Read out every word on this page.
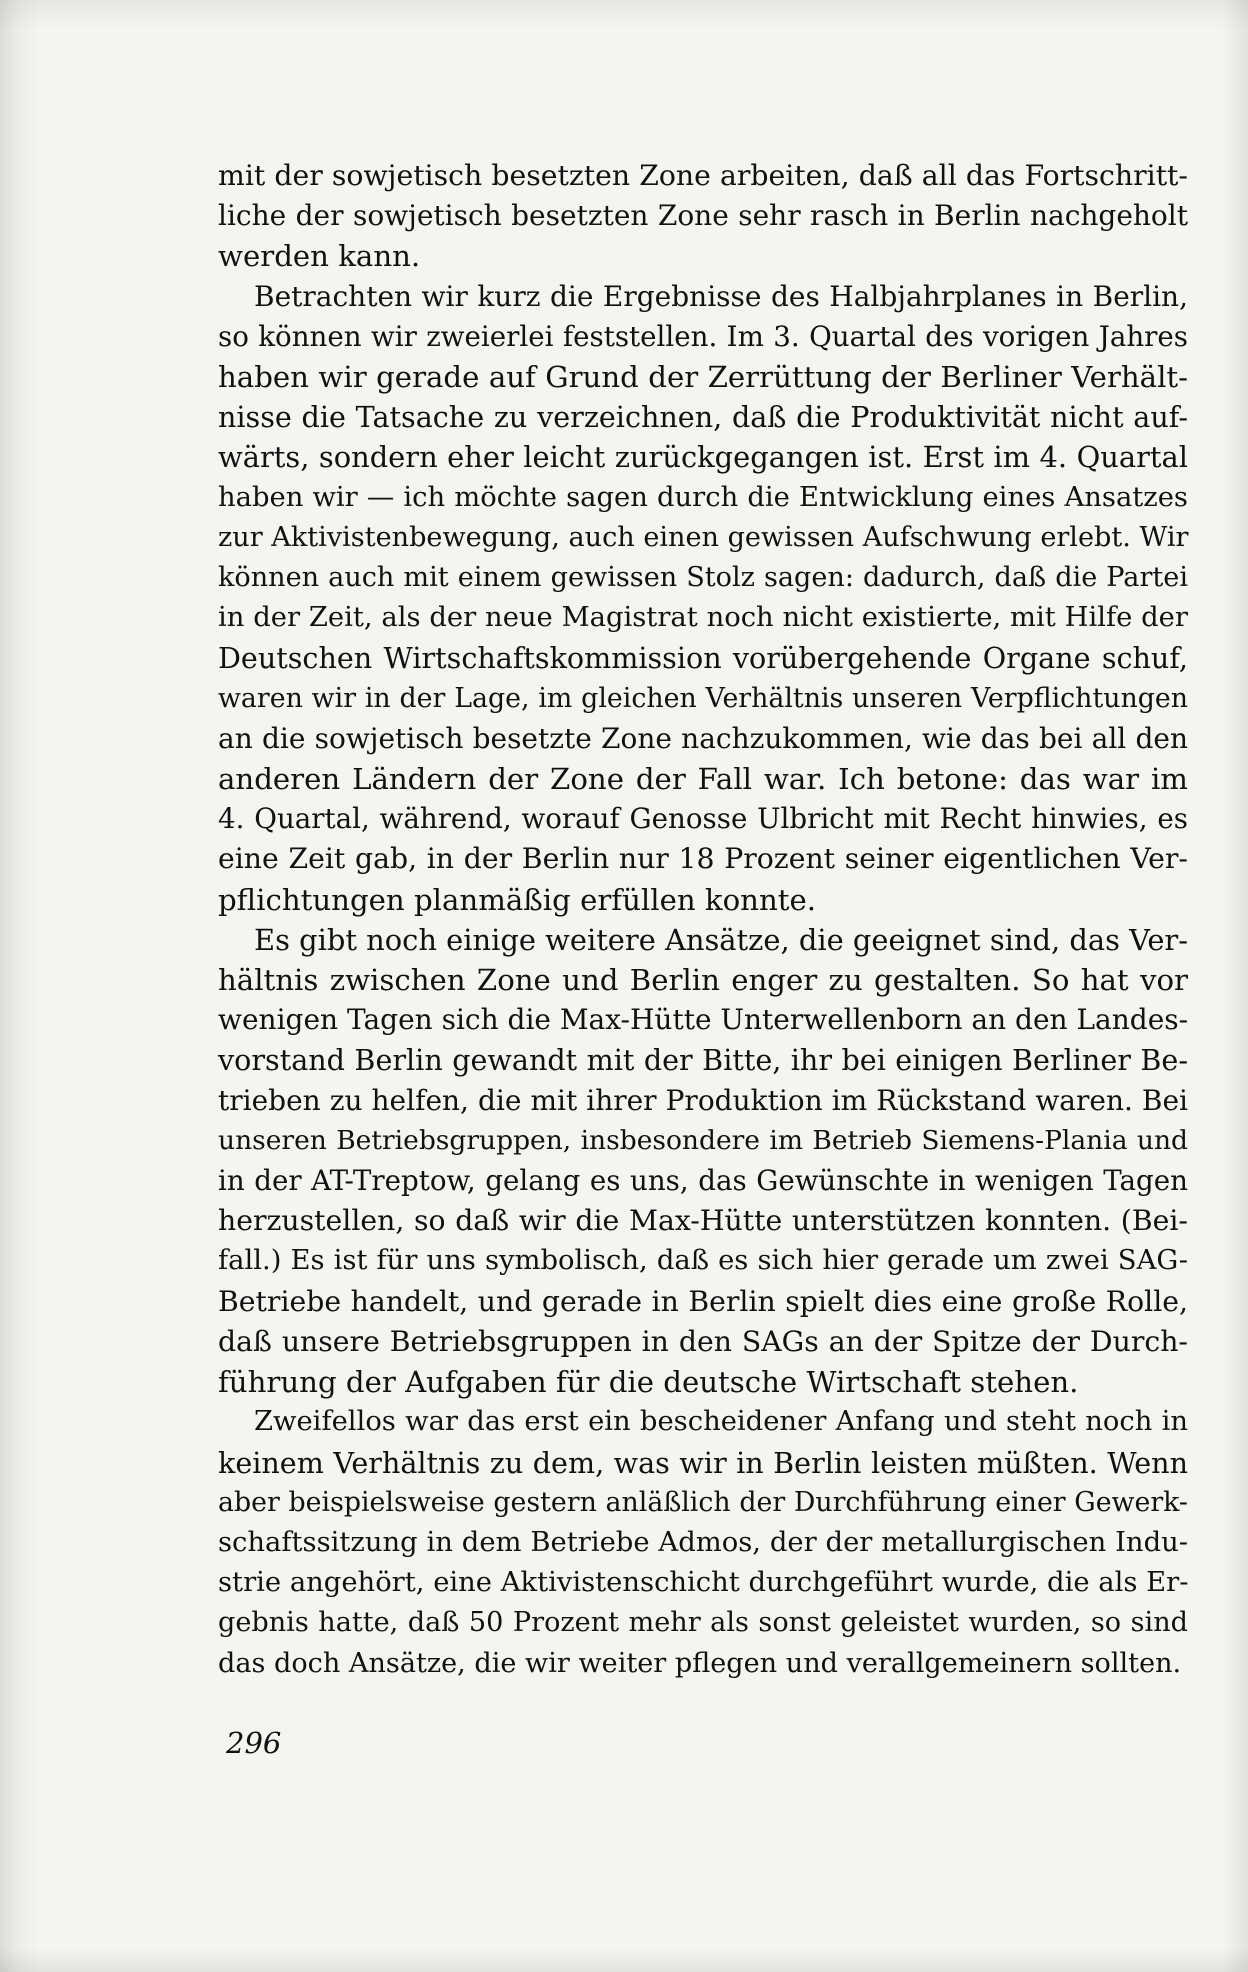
mit der sowjetisch besetzten Zone arbeiten, daß all das Fortschritt-
liche der sowjetisch besetzten Zone sehr rasch in Berlin nachgeholt
werden kann.
Betrachten wir kurz die Ergebnisse des Halbjahrplanes in Berlin,
so können wir zweierlei feststellen. Im 3. Quartal des vorigen Jahres
haben wir gerade auf Grund der Zerrüttung der Berliner Verhält-
nisse die Tatsache zu verzeichnen, daß die Produktivität nicht auf-
wärts, sondern eher leicht zurückgegangen ist. Erst im 4. Quartal
haben wir — ich möchte sagen durch die Entwicklung eines Ansatzes
zur Aktivistenbewegung, auch einen gewissen Aufschwung erlebt. Wir
können auch mit einem gewissen Stolz sagen: dadurch, daß die Partei
in der Zeit, als der neue Magistrat noch nicht existierte, mit Hilfe der
Deutschen Wirtschaftskommission vorübergehende Organe schuf,
waren wir in der Lage, im gleichen Verhältnis unseren Verpflichtungen
an die sowjetisch besetzte Zone nachzukommen, wie das bei all den
anderen Ländern der Zone der Fall war. Ich betone: das war im
4. Quartal, während, worauf Genosse Ulbricht mit Recht hinwies, es
eine Zeit gab, in der Berlin nur 18 Prozent seiner eigentlichen Ver-
pflichtungen planmäßig erfüllen konnte.
Es gibt noch einige weitere Ansätze, die geeignet sind, das Ver-
hältnis zwischen Zone und Berlin enger zu gestalten. So hat vor
wenigen Tagen sich die Max-Hütte Unterwellenborn an den Landes-
vorstand Berlin gewandt mit der Bitte, ihr bei einigen Berliner Be-
trieben zu helfen, die mit ihrer Produktion im Rückstand waren. Bei
unseren Betriebsgruppen, insbesondere im Betrieb Siemens-Plania und
in der AT-Treptow, gelang es uns, das Gewünschte in wenigen Tagen
herzustellen, so daß wir die Max-Hütte unterstützen konnten. (Bei-
fall.) Es ist für uns symbolisch, daß es sich hier gerade um zwei SAG-
Betriebe handelt, und gerade in Berlin spielt dies eine große Rolle,
daß unsere Betriebsgruppen in den SAGs an der Spitze der Durch-
führung der Aufgaben für die deutsche Wirtschaft stehen.
Zweifellos war das erst ein bescheidener Anfang und steht noch in
keinem Verhältnis zu dem, was wir in Berlin leisten müßten. Wenn
aber beispielsweise gestern anläßlich der Durchführung einer Gewerk-
schaftssitzung in dem Betriebe Admos, der der metallurgischen Indu-
strie angehört, eine Aktivistenschicht durchgeführt wurde, die als Er-
gebnis hatte, daß 50 Prozent mehr als sonst geleistet wurden, so sind
das doch Ansätze, die wir weiter pflegen und verallgemeinern sollten.
296
